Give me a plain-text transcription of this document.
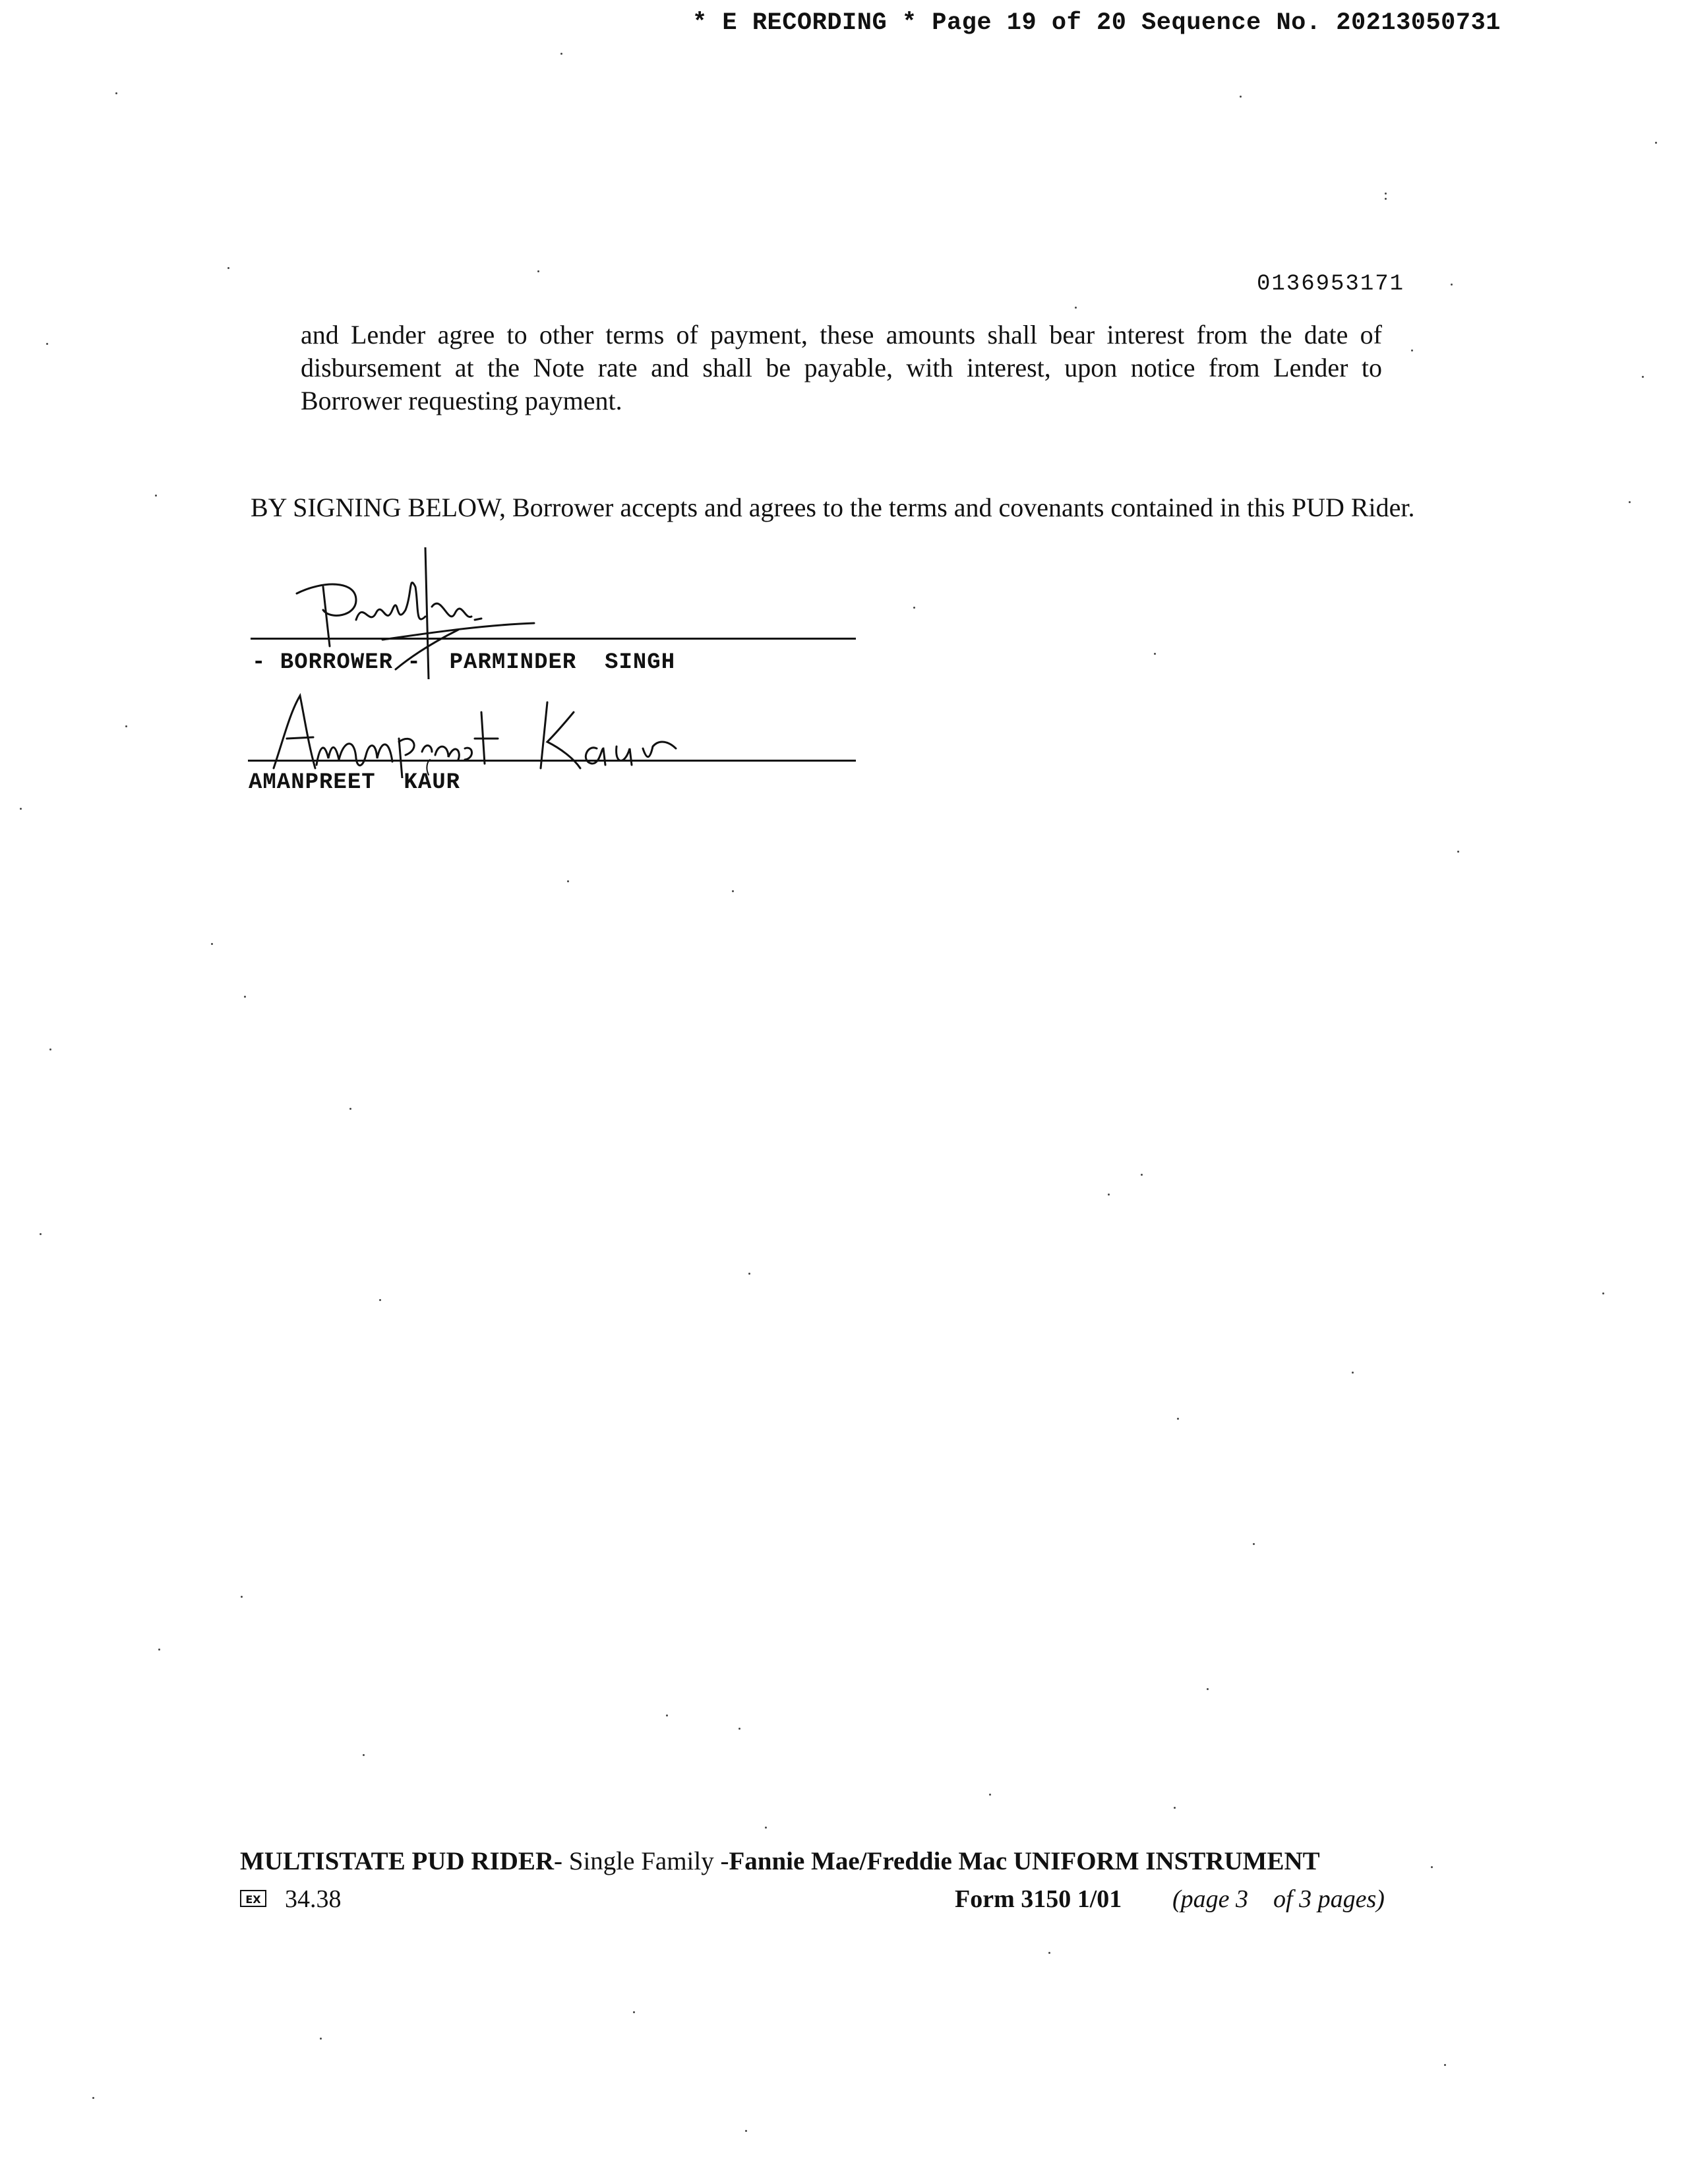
* E RECORDING * Page 19 of 20 Sequence No. 20213050731
0136953171

and Lender agree to other terms of payment, these amounts shall bear interest from the date of disbursement at the Note rate and shall be payable, with interest, upon notice from Lender to Borrower requesting payment.

BY SIGNING BELOW, Borrower accepts and agrees to the terms and covenants contained in this PUD Rider.

- BORROWER -  PARMINDER  SINGH
AMANPREET  KAUR
MULTISTATE PUD RIDER- Single Family -Fannie Mae/Freddie Mac UNIFORM INSTRUMENT
EX 34.38	Form 3150 1/01 (page 3    of 3 pages)
